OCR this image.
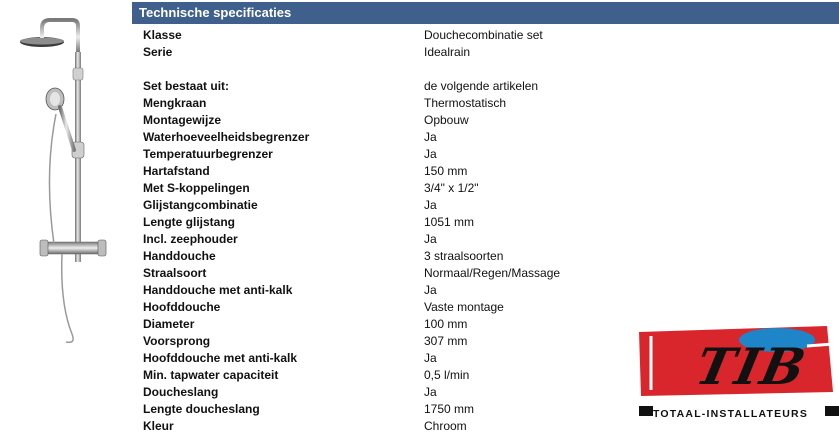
Technische specificaties
Klasse	Douchecombinatie set
Serie	Idealrain
Set bestaat uit:	de volgende artikelen
Mengkraan	Thermostatisch
Montagewijze	Opbouw
Waterhoeveelheidsbegrenzer	Ja
Temperatuurbegrenzer	Ja
Hartafstand	150 mm
Met S-koppelingen	3/4" x 1/2"
Glijstangcombinatie	Ja
Lengte glijstang	1051 mm
Incl. zeephouder	Ja
Handdouche	3 straalsoorten
Straalsoort	Normaal/Regen/Massage
Handdouche met anti-kalk	Ja
Hoofddouche	Vaste montage
Diameter	100 mm
Voorsprong	307 mm
Hoofddouche met anti-kalk	Ja
Min. tapwater capaciteit	0,5 l/min
Doucheslang	Ja
Lengte doucheslang	1750 mm
Kleur	Chroom
TIB
TOTAAL-INSTALLATEURS
